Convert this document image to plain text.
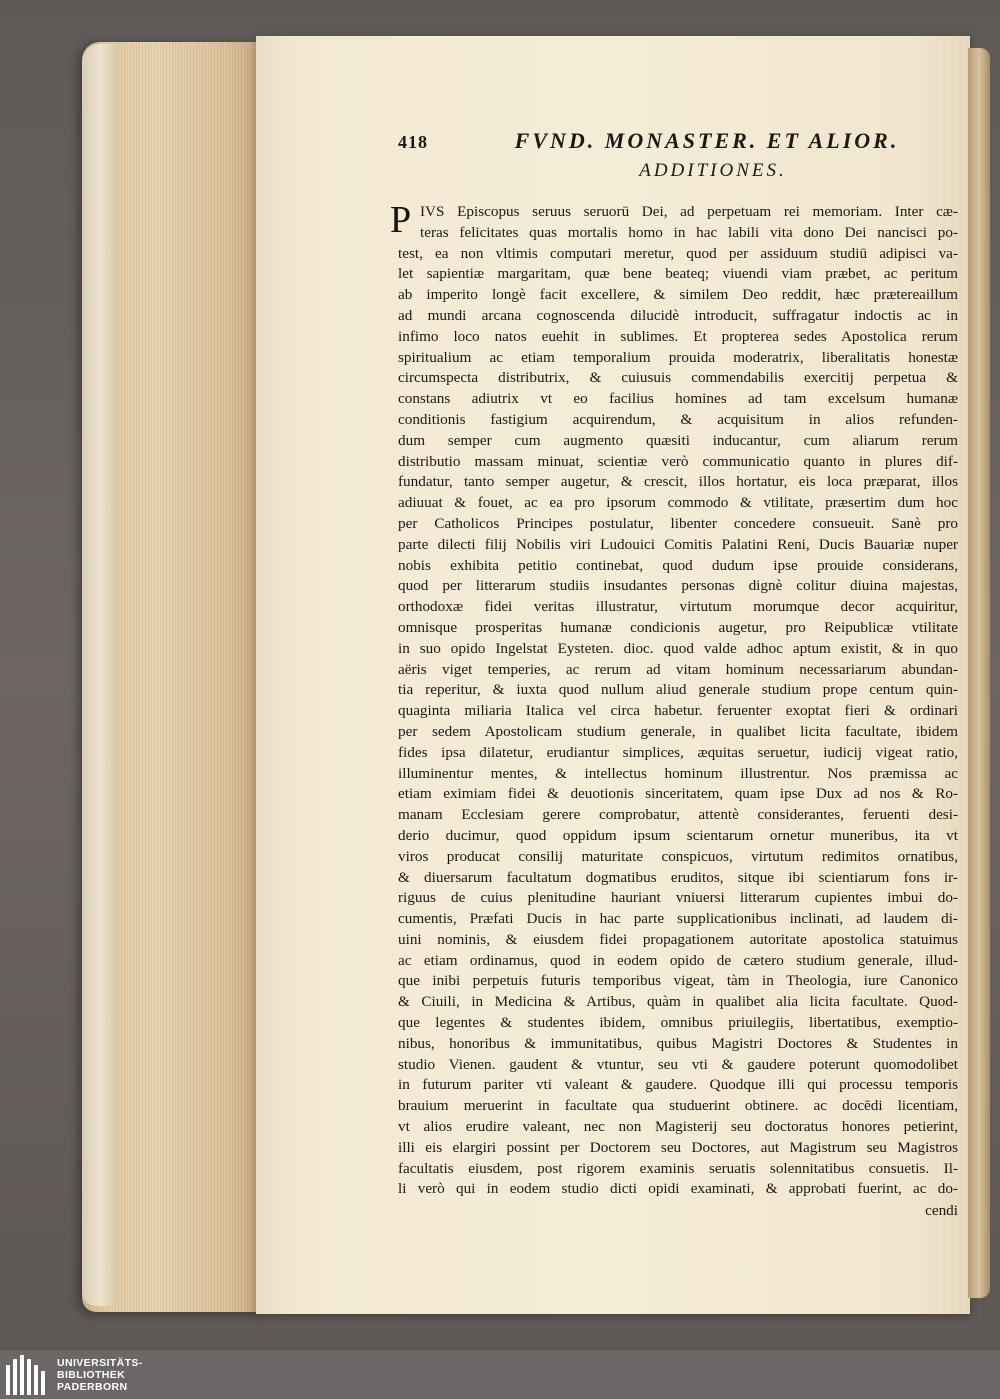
418	FVND. MONASTER. ET ALIOR.
ADDITIONES.
P IVS Episcopus seruus seruorū Dei, ad perpetuam rei memoriam. Inter cæ-
teras felicitates quas mortalis homo in hac labili vita dono Dei nancisci po-
test, ea non vltimis computari meretur, quod per assiduum studiū adipisci va-
let sapientiæ margaritam, quæ bene beateq; viuendi viam præbet, ac peritum
ab imperito longè facit excellere, & similem Deo reddit, hæc prætereaillum
ad mundi arcana cognoscenda dilucidè introducit, suffragatur indoctis ac in
infimo loco natos euehit in sublimes. Et propterea sedes Apostolica rerum
spiritualium ac etiam temporalium prouida moderatrix, liberalitatis honestæ
circumspecta distributrix, & cuiusuis commendabilis exercitij perpetua &
constans adiutrix vt eo facilius homines ad tam excelsum humanæ
conditionis fastigium acquirendum, & acquisitum in alios refunden-
dum semper cum augmento quæsiti inducantur, cum aliarum rerum
distributio massam minuat, scientiæ verò communicatio quanto in plures dif-
fundatur, tanto semper augetur, & crescit, illos hortatur, eis loca præparat, illos
adiuuat & fouet, ac ea pro ipsorum commodo & vtilitate, præsertim dum hoc
per Catholicos Principes postulatur, libenter concedere consueuit. Sanè pro
parte dilecti filij Nobilis viri Ludouici Comitis Palatini Reni, Ducis Bauariæ nuper
nobis exhibita petitio continebat, quod dudum ipse prouide considerans,
quod per litterarum studiis insudantes personas dignè colitur diuina majestas,
orthodoxæ fidei veritas illustratur, virtutum morumque decor acquiritur,
omnisque prosperitas humanæ condicionis augetur, pro Reipublicæ vtilitate
in suo opido Ingelstat Eysteten. dioc. quod valde adhoc aptum existit, & in quo
aëris viget temperies, ac rerum ad vitam hominum necessariarum abundan-
tia reperitur, & iuxta quod nullum aliud generale studium prope centum quin-
quaginta miliaria Italica vel circa habetur. feruenter exoptat fieri & ordinari
per sedem Apostolicam studium generale, in qualibet licita facultate, ibidem
fides ipsa dilatetur, erudiantur simplices, æquitas seruetur, iudicij vigeat ratio,
illuminentur mentes, & intellectus hominum illustrentur. Nos præmissa ac
etiam eximiam fidei & deuotionis sinceritatem, quam ipse Dux ad nos & Ro-
manam Ecclesiam gerere comprobatur, attentè considerantes, feruenti desi-
derio ducimur, quod oppidum ipsum scientarum ornetur muneribus, ita vt
viros producat consilij maturitate conspicuos, virtutum redimitos ornatibus,
& diuersarum facultatum dogmatibus eruditos, sitque ibi scientiarum fons ir-
riguus de cuius plenitudine hauriant vniuersi litterarum cupientes imbui do-
cumentis, Præfati Ducis in hac parte supplicationibus inclinati, ad laudem di-
uini nominis, & eiusdem fidei propagationem autoritate apostolica statuimus
ac etiam ordinamus, quod in eodem opido de cætero studium generale, illud-
que inibi perpetuis futuris temporibus vigeat, tàm in Theologia, iure Canonico
& Ciuili, in Medicina & Artibus, quàm in qualibet alia licita facultate. Quod-
que legentes & studentes ibidem, omnibus priuilegiis, libertatibus, exemptio-
nibus, honoribus & immunitatibus, quibus Magistri Doctores & Studentes in
studio Vienen. gaudent & vtuntur, seu vti & gaudere poterunt quomodolibet
in futurum pariter vti valeant & gaudere. Quodque illi qui processu temporis
brauium meruerint in facultate qua studuerint obtinere. ac docēdi licentiam,
vt alios erudire valeant, nec non Magisterij seu doctoratus honores petierint,
illi eis elargiri possint per Doctorem seu Doctores, aut Magistrum seu Magistros
facultatis eiusdem, post rigorem examinis seruatis solennitatibus consuetis. Il-
li verò qui in eodem studio dicti opidi examinati, & approbati fuerint, ac do-
cendi
UNIVERSITÄTS-
BIBLIOTHEK
PADERBORN
